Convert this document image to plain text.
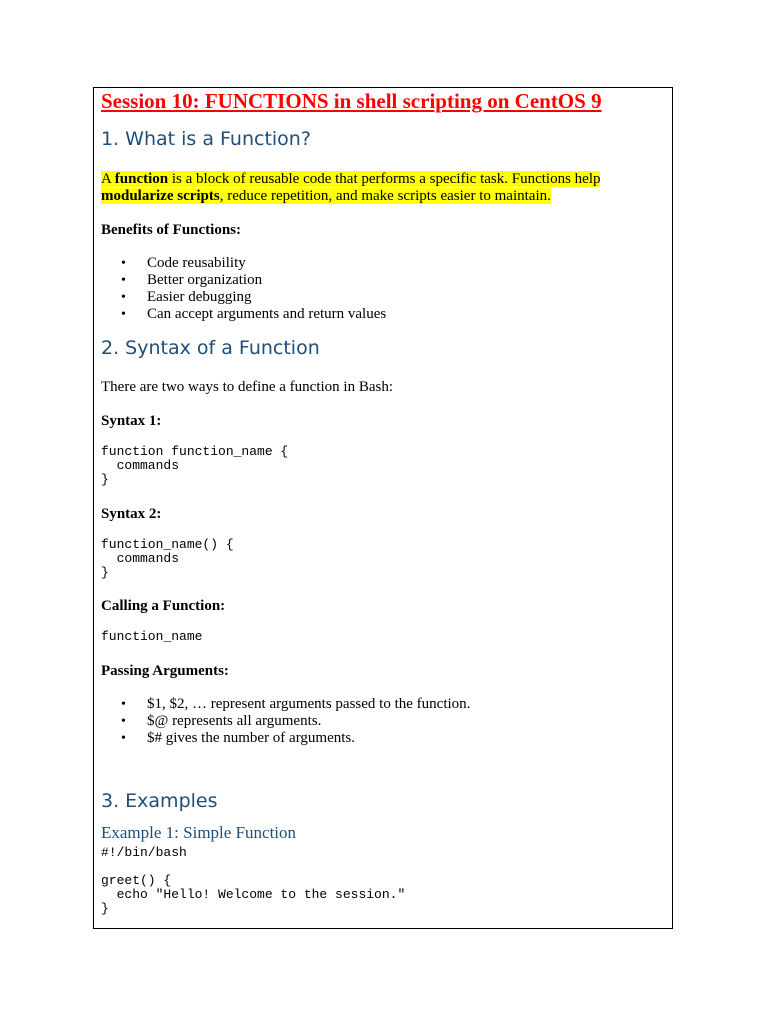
Session 10: FUNCTIONS in shell scripting on CentOS 9
1. What is a Function?

A function is a block of reusable code that performs a specific task. Functions help
modularize scripts, reduce repetition, and make scripts easier to maintain.

Benefits of Functions:

• Code reusability
• Better organization
• Easier debugging
• Can accept arguments and return values
2. Syntax of a Function

There are two ways to define a function in Bash:

Syntax 1:

function function_name {
commands
}

Syntax 2:

function_name() {
commands
}

Calling a Function:

function_name

Passing Arguments:

• $1, $2, … represent arguments passed to the function.
• $@ represents all arguments.
• $# gives the number of arguments.
3. Examples
Example 1: Simple Function
#!/bin/bash

greet() {
echo "Hello! Welcome to the session."
}
